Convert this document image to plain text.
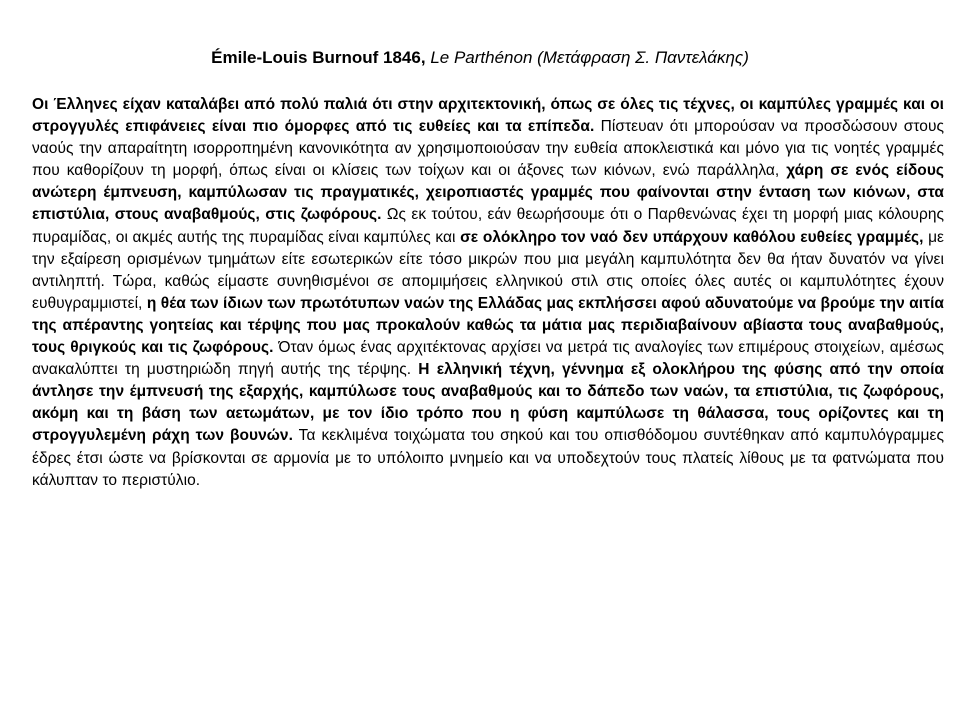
Émile-Louis Burnouf 1846, Le Parthénon (Μετάφραση Σ. Παντελάκης)
Οι Έλληνες είχαν καταλάβει από πολύ παλιά ότι στην αρχιτεκτονική, όπως σε όλες τις τέχνες, οι καμπύλες γραμμές και οι στρογγυλές επιφάνειες είναι πιο όμορφες από τις ευθείες και τα επίπεδα. Πίστευαν ότι μπορούσαν να προσδώσουν στους ναούς την απαραίτητη ισορροπημένη κανονικότητα αν χρησιμοποιούσαν την ευθεία αποκλειστικά και μόνο για τις νοητές γραμμές που καθορίζουν τη μορφή, όπως είναι οι κλίσεις των τοίχων και οι άξονες των κιόνων, ενώ παράλληλα, χάρη σε ενός είδους ανώτερη έμπνευση, καμπύλωσαν τις πραγματικές, χειροπιαστές γραμμές που φαίνονται στην ένταση των κιόνων, στα επιστύλια, στους αναβαθμούς, στις ζωφόρους. Ως εκ τούτου, εάν θεωρήσουμε ότι ο Παρθενώνας έχει τη μορφή μιας κόλουρης πυραμίδας, οι ακμές αυτής της πυραμίδας είναι καμπύλες και σε ολόκληρο τον ναό δεν υπάρχουν καθόλου ευθείες γραμμές, με την εξαίρεση ορισμένων τμημάτων είτε εσωτερικών είτε τόσο μικρών που μια μεγάλη καμπυλότητα δεν θα ήταν δυνατόν να γίνει αντιληπτή. Τώρα, καθώς είμαστε συνηθισμένοι σε απομιμήσεις ελληνικού στιλ στις οποίες όλες αυτές οι καμπυλότητες έχουν ευθυγραμμιστεί, η θέα των ίδιων των πρωτότυπων ναών της Ελλάδας μας εκπλήσσει αφού αδυνατούμε να βρούμε την αιτία της απέραντης γοητείας και τέρψης που μας προκαλούν καθώς τα μάτια μας περιδιαβαίνουν αβίαστα τους αναβαθμούς, τους θριγκούς και τις ζωφόρους. Όταν όμως ένας αρχιτέκτονας αρχίσει να μετρά τις αναλογίες των επιμέρους στοιχείων, αμέσως ανακαλύπτει τη μυστηριώδη πηγή αυτής της τέρψης. Η ελληνική τέχνη, γέννημα εξ ολοκλήρου της φύσης από την οποία άντλησε την έμπνευσή της εξαρχής, καμπύλωσε τους αναβαθμούς και το δάπεδο των ναών, τα επιστύλια, τις ζωφόρους, ακόμη και τη βάση των αετωμάτων, με τον ίδιο τρόπο που η φύση καμπύλωσε τη θάλασσα, τους ορίζοντες και τη στρογγυλεμένη ράχη των βουνών. Τα κεκλιμένα τοιχώματα του σηκού και του οπισθόδομου συντέθηκαν από καμπυλόγραμμες έδρες έτσι ώστε να βρίσκονται σε αρμονία με το υπόλοιπο μνημείο και να υποδεχτούν τους πλατείς λίθους με τα φατνώματα που κάλυπταν το περιστύλιο.
